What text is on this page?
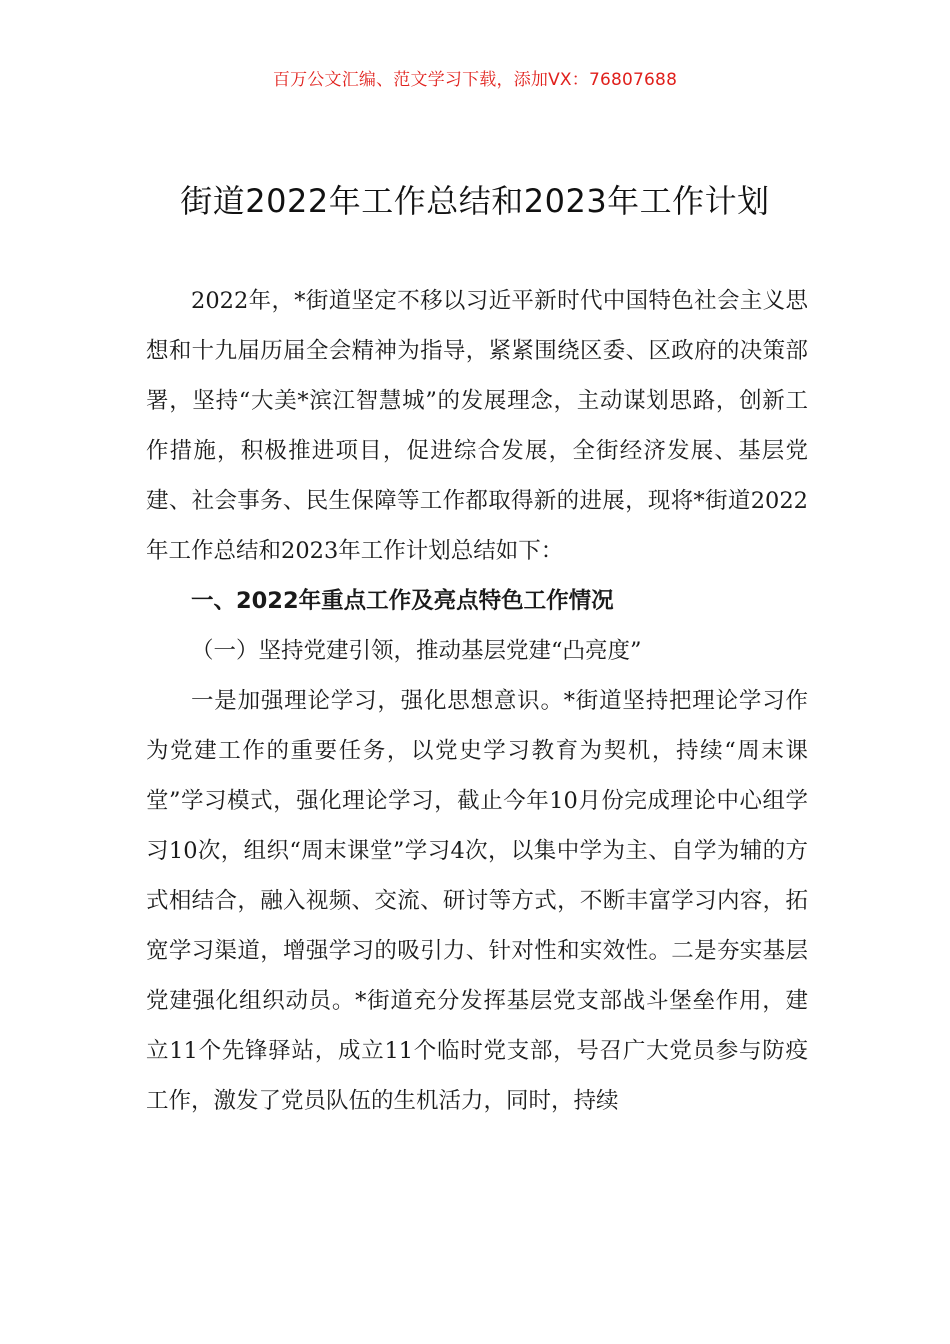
百万公文汇编、范文学习下载，添加VX：76807688
街道2022年工作总结和2023年工作计划

2022年，*街道坚定不移以习近平新时代中国特色社会主义思想和十九届历届全会精神为指导，紧紧围绕区委、区政府的决策部署，坚持“大美*滨江智慧城”的发展理念，主动谋划思路，创新工作措施，积极推进项目，促进综合发展，全街经济发展、基层党建、社会事务、民生保障等工作都取得新的进展，现将*街道2022年工作总结和2023年工作计划总结如下：

一、2022年重点工作及亮点特色工作情况

（一）坚持党建引领，推动基层党建“凸亮度”

一是加强理论学习，强化思想意识。*街道坚持把理论学习作为党建工作的重要任务，以党史学习教育为契机，持续“周末课堂”学习模式，强化理论学习，截止今年10月份完成理论中心组学习10次，组织“周末课堂”学习4次，以集中学为主、自学为辅的方式相结合，融入视频、交流、研讨等方式，不断丰富学习内容，拓宽学习渠道，增强学习的吸引力、针对性和实效性。二是夯实基层党建强化组织动员。*街道充分发挥基层党支部战斗堡垒作用，建立11个先锋驿站，成立11个临时党支部，号召广大党员参与防疫工作，激发了党员队伍的生机活力，同时，持续
